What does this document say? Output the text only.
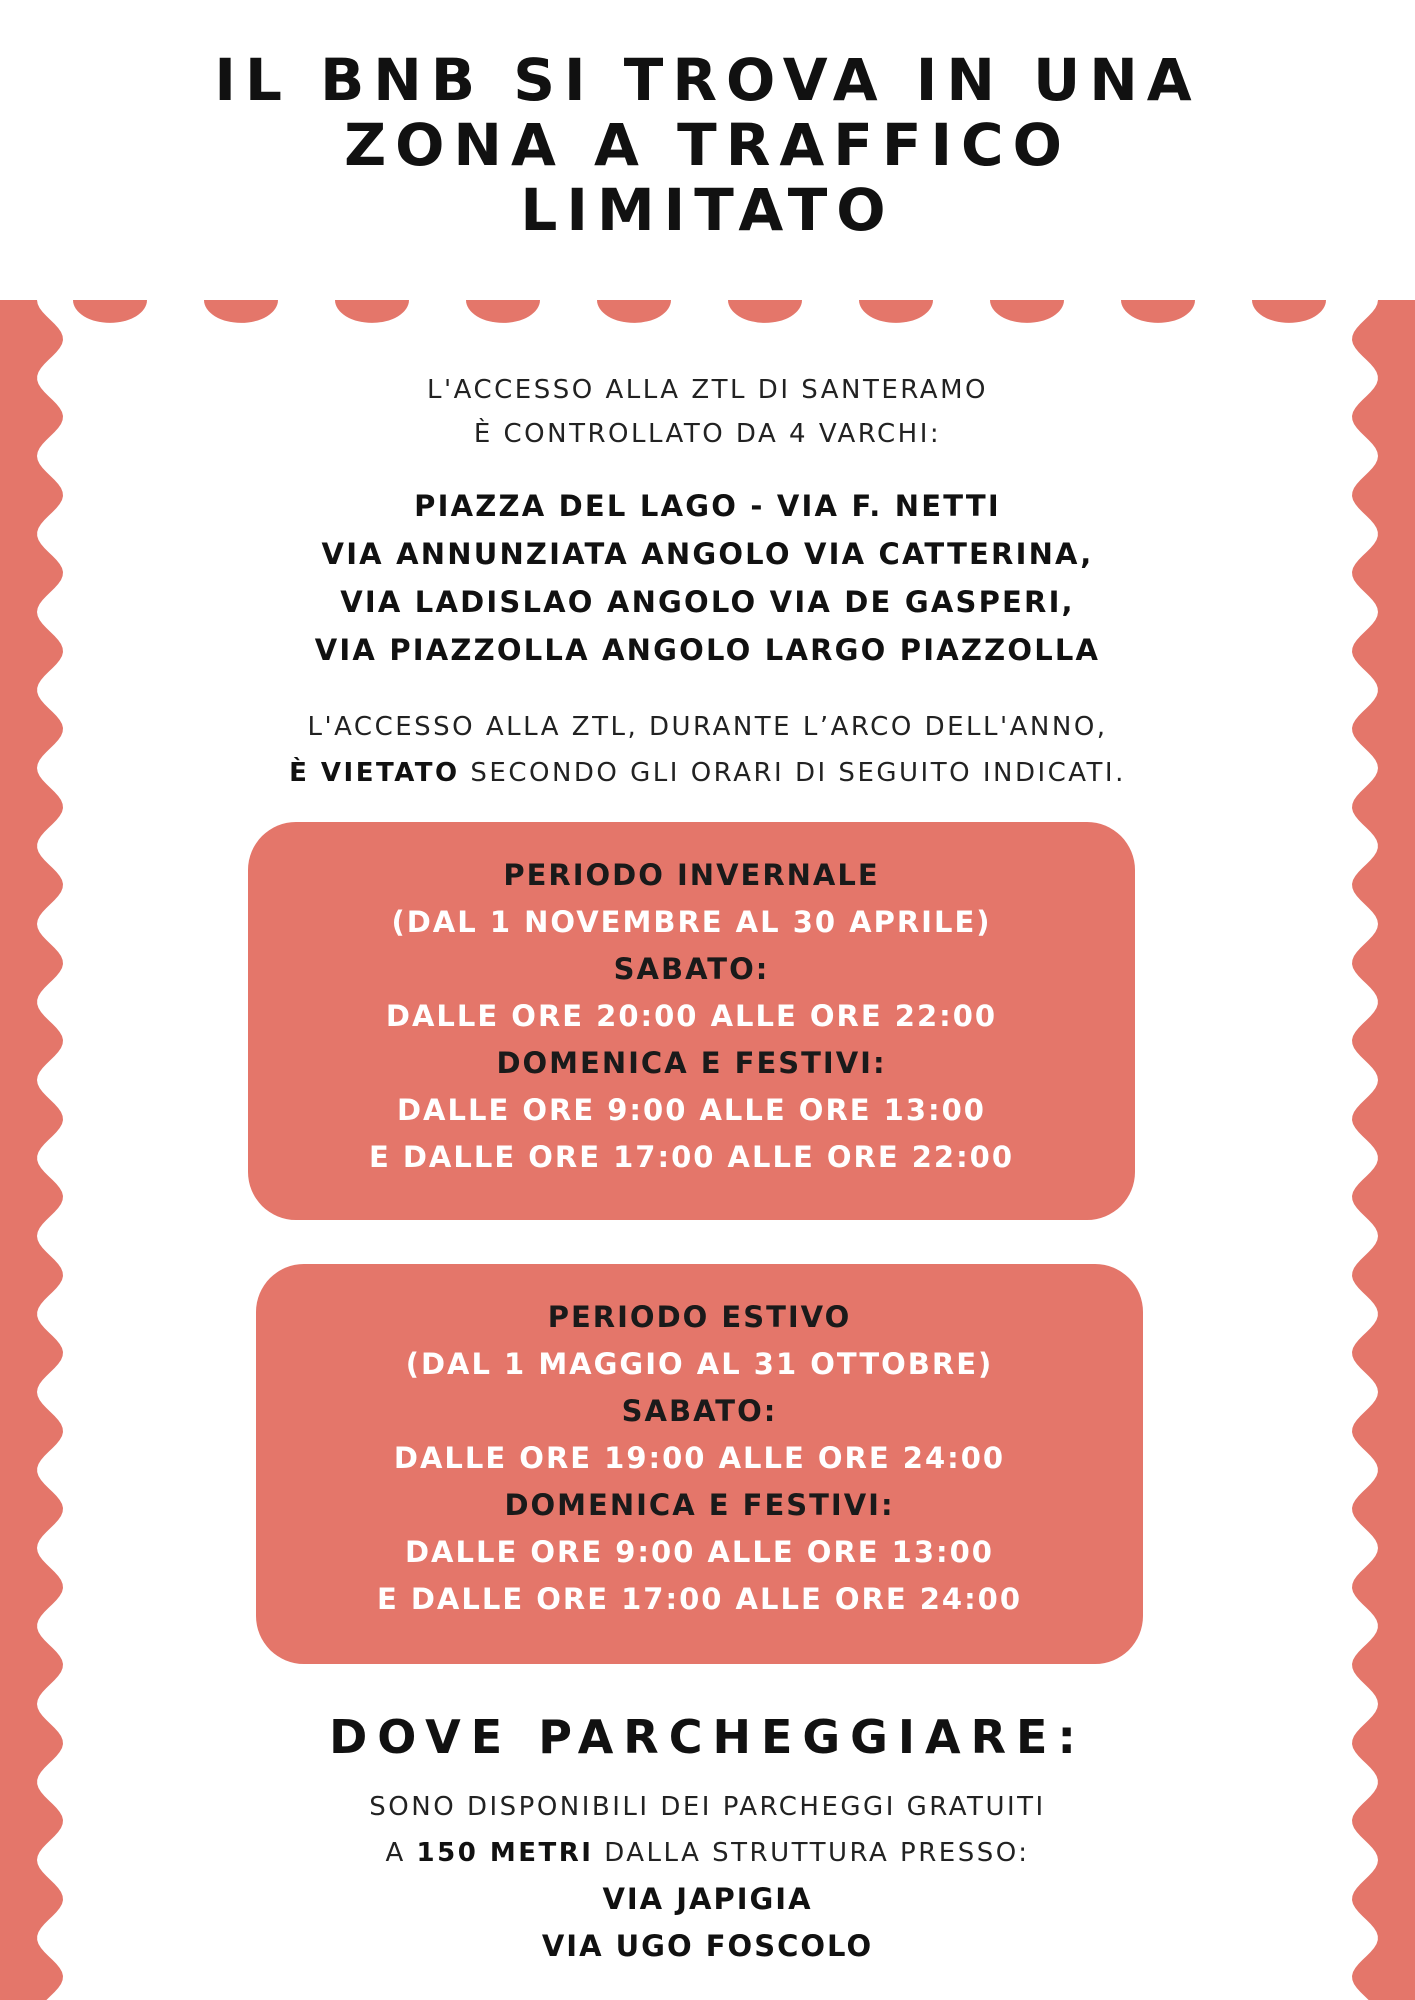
IL BNB SI TROVA IN UNA
ZONA A TRAFFICO
LIMITATO
L'ACCESSO ALLA ZTL DI SANTERAMO
È CONTROLLATO DA 4 VARCHI:
PIAZZA DEL LAGO - VIA F. NETTI
VIA ANNUNZIATA ANGOLO VIA CATTERINA,
VIA LADISLAO ANGOLO VIA DE GASPERI,
VIA PIAZZOLLA ANGOLO LARGO PIAZZOLLA
L'ACCESSO ALLA ZTL, DURANTE L’ARCO DELL'ANNO,
È VIETATO SECONDO GLI ORARI DI SEGUITO INDICATI.
PERIODO INVERNALE
(DAL 1 NOVEMBRE AL 30 APRILE)
SABATO:
DALLE ORE 20:00 ALLE ORE 22:00
DOMENICA E FESTIVI:
DALLE ORE 9:00 ALLE ORE 13:00
E DALLE ORE 17:00 ALLE ORE 22:00
PERIODO ESTIVO
(DAL 1 MAGGIO AL 31 OTTOBRE)
SABATO:
DALLE ORE 19:00 ALLE ORE 24:00
DOMENICA E FESTIVI:
DALLE ORE 9:00 ALLE ORE 13:00
E DALLE ORE 17:00 ALLE ORE 24:00
DOVE PARCHEGGIARE:
SONO DISPONIBILI DEI PARCHEGGI GRATUITI
A 150 METRI DALLA STRUTTURA PRESSO:
VIA JAPIGIA
VIA UGO FOSCOLO
